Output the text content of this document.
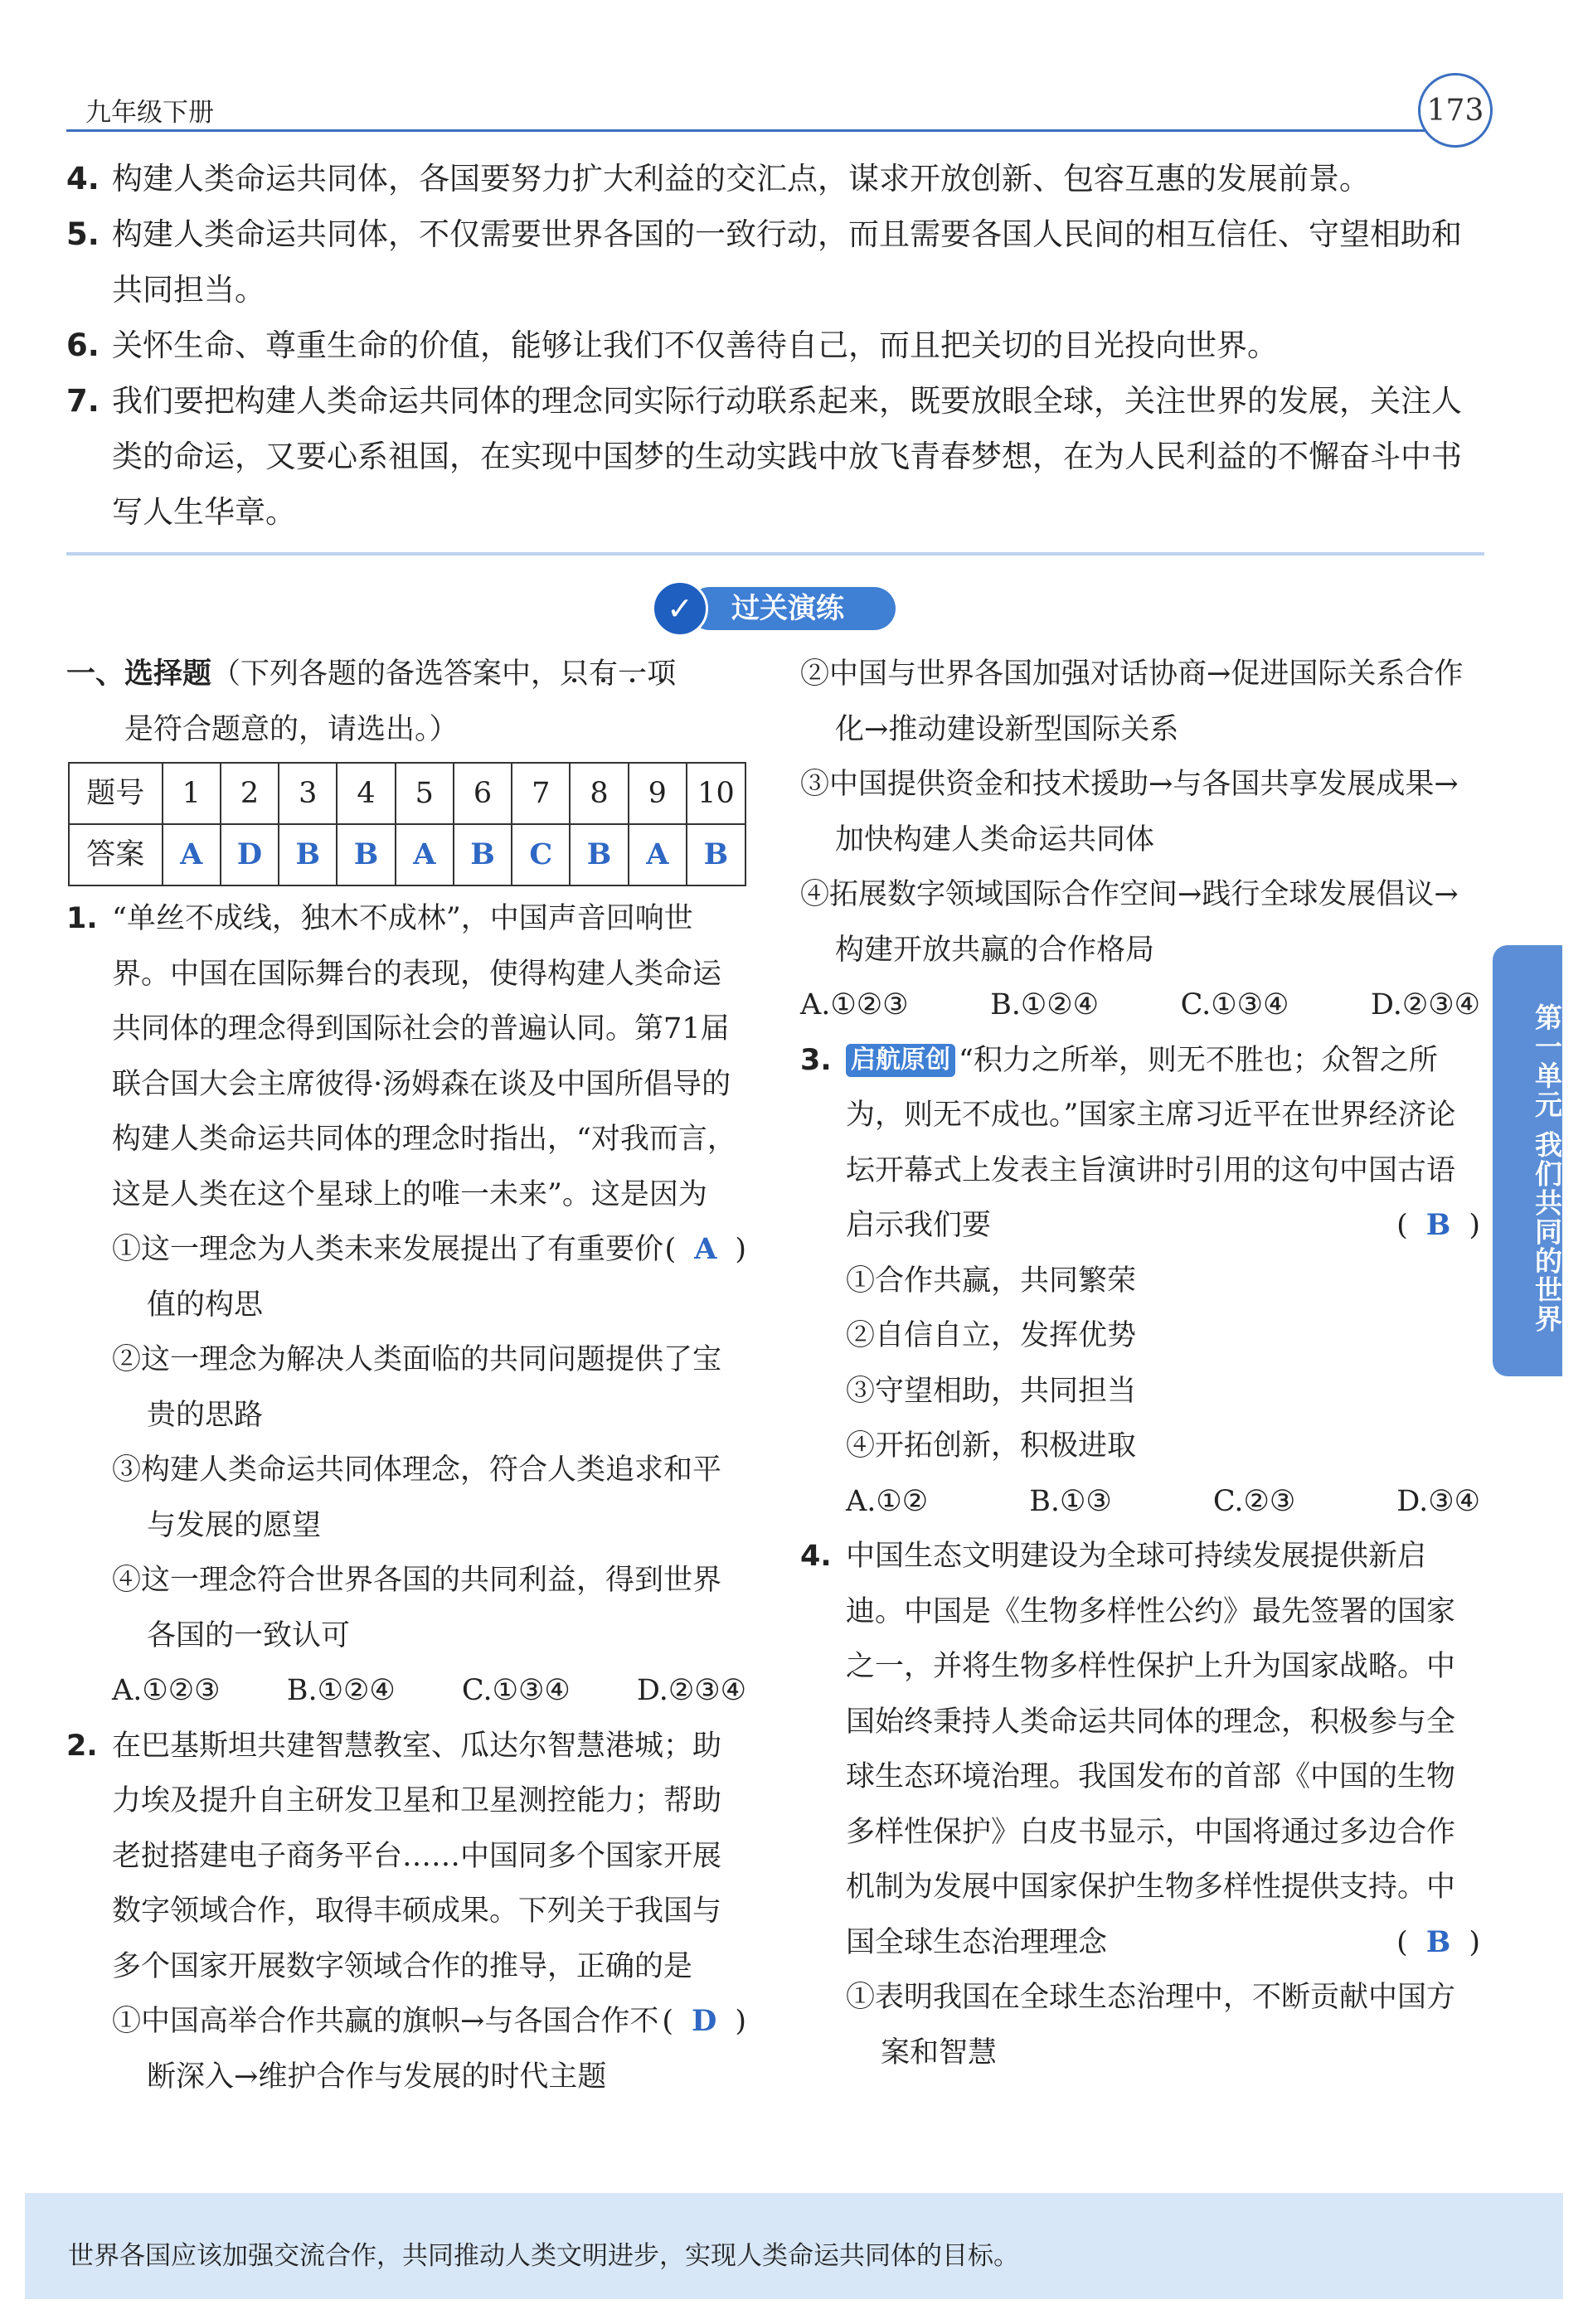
九年级下册	173

4. 构建人类命运共同体，各国要努力扩大利益的交汇点，谋求开放创新、包容互惠的发展前景。

5. 构建人类命运共同体，不仅需要世界各国的一致行动，而且需要各国人民间的相互信任、守望相助和共同担当。

6. 关怀生命、尊重生命的价值，能够让我们不仅善待自己，而且把关切的目光投向世界。

7. 我们要把构建人类命运共同体的理念同实际行动联系起来，既要放眼全球，关注世界的发展，关注人类的命运，又要心系祖国，在实现中国梦的生动实践中放飞青春梦想，在为人民利益的不懈奋斗中书写人生华章。

过关演练
✓

一、选择题（下列各题的备选答案中，只 •有 •一 •项 •

是符合题意的，请选出。）

题号	1	2	3	4	5	6	7	8	9	10
答案	A	D	B	B	A	B	C	B	A	B

1. “单丝不成线，独木不成林”，中国声音回响世界。中国在国际舞台的表现，使得构建人类命运共同体的理念得到国际社会的普遍认同。第71届联合国大会主席彼得·汤姆森在谈及中国所倡导的构建人类命运共同体的理念时指出，“对我而言，这是人类在这个星球上的唯一未来”。这是因为
( A )

①这一理念为人类未来发展提出了有重要价值的构思

②这一理念为解决人类面临的共同问题提供了宝贵的思路

③构建人类命运共同体理念，符合人类追求和平与发展的愿望

④这一理念符合世界各国的共同利益，得到世界各国的一致认可

A.①②③ B.①②④ C.①③④ D.②③④

2. 在巴基斯坦共建智慧教室、瓜达尔智慧港城；助力埃及提升自主研发卫星和卫星测控能力；帮助老挝搭建电子商务平台……中国同多个国家开展数字领域合作，取得丰硕成果。下列关于我国与多个国家开展数字领域合作的推导，正确的是
( D )

①中国高举合作共赢的旗帜→与各国合作不断深入→维护合作与发展的时代主题

②中国与世界各国加强对话协商→促进国际关系合作化→推动建设新型国际关系

③中国提供资金和技术援助→与各国共享发展成果→加快构建人类命运共同体

④拓展数字领域国际合作空间→践行全球发展倡议→构建开放共赢的合作格局

A.①②③	B.①②④	C.①③④	D.②③④

3. 启航原创 “积力之所举，则无不胜也；众智之所为，则无不成也。”国家主席习近平在世界经济论坛开幕式上发表主旨演讲时引用的这句中国古语启示我们要	( B )

①合作共赢，共同繁荣

②自信自立，发挥优势

③守望相助，共同担当

④开拓创新，积极进取

A.①②	B.①③	C.②③	D.③④

4. 中国生态文明建设为全球可持续发展提供新启迪。中国是《生物多样性公约》最先签署的国家之一，并将生物多样性保护上升为国家战略。中国始终秉持人类命运共同体的理念，积极参与全球生态环境治理。我国发布的首部《中国的生物多样性保护》白皮书显示，中国将通过多边合作机制为发展中国家保护生物多样性提供支持。中国全球生态治理理念	( B )

①表明我国在全球生态治理中，不断贡献中国方案和智慧

第一单元 我们共同的世界
世界各国应该加强交流合作，共同推动人类文明进步，实现人类命运共同体的目标。
